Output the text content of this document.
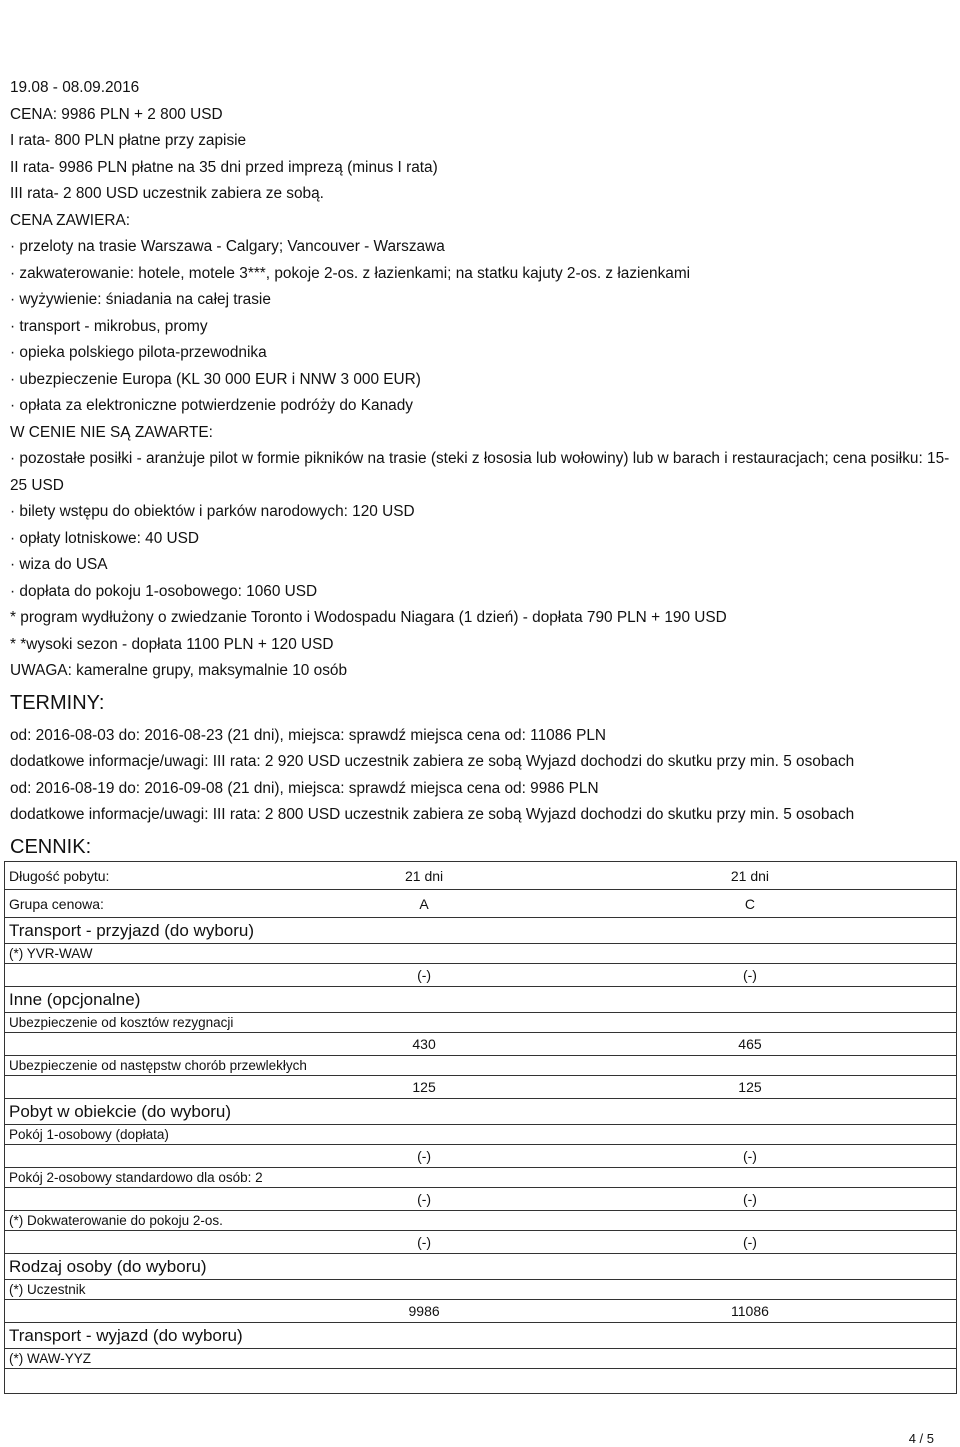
19.08 - 08.09.2016
CENA: 9986 PLN + 2 800 USD
I rata- 800 PLN płatne przy zapisie
II rata- 9986 PLN płatne na 35 dni przed imprezą (minus I rata)
III rata- 2 800 USD uczestnik zabiera ze sobą.
CENA ZAWIERA:
· przeloty na trasie Warszawa - Calgary; Vancouver - Warszawa
· zakwaterowanie: hotele, motele 3***, pokoje 2-os. z łazienkami; na statku kajuty 2-os. z łazienkami
· wyżywienie: śniadania na całej trasie
· transport - mikrobus, promy
· opieka polskiego pilota-przewodnika
· ubezpieczenie Europa (KL 30 000 EUR i NNW 3 000 EUR)
· opłata za elektroniczne potwierdzenie podróży do Kanady
W CENIE NIE SĄ ZAWARTE:
· pozostałe posiłki - aranżuje pilot w formie pikników na trasie (steki z łososia lub wołowiny) lub w barach i restauracjach; cena posiłku: 15-25 USD
· bilety wstępu do obiektów i parków narodowych: 120 USD
· opłaty lotniskowe: 40 USD
· wiza do USA
· dopłata do pokoju 1-osobowego: 1060 USD
* program wydłużony o zwiedzanie Toronto i Wodospadu Niagara (1 dzień) - dopłata 790 PLN + 190 USD
* *wysoki sezon - dopłata 1100 PLN + 120 USD
UWAGA: kameralne grupy, maksymalnie 10 osób
TERMINY:
od: 2016-08-03 do: 2016-08-23 (21 dni), miejsca: sprawdź miejsca cena od: 11086 PLN
dodatkowe informacje/uwagi: III rata: 2 920 USD uczestnik zabiera ze sobą Wyjazd dochodzi do skutku przy min. 5 osobach
od: 2016-08-19 do: 2016-09-08 (21 dni), miejsca: sprawdź miejsca cena od: 9986 PLN
dodatkowe informacje/uwagi: III rata: 2 800 USD uczestnik zabiera ze sobą Wyjazd dochodzi do skutku przy min. 5 osobach
CENNIK:
Długość pobytu:	21 dni	21 dni
Grupa cenowa:	A	C
Transport - przyjazd (do wyboru)		
(*) YVR-WAW		
	(-)	(-)
Inne (opcjonalne)		
Ubezpieczenie od kosztów rezygnacji		
	430	465
Ubezpieczenie od następstw chorób przewlekłych		
	125	125
Pobyt w obiekcie (do wyboru)		
Pokój 1-osobowy (dopłata)		
	(-)	(-)
Pokój 2-osobowy standardowo dla osób: 2		
	(-)	(-)
(*) Dokwaterowanie do pokoju 2-os.		
	(-)	(-)
Rodzaj osoby (do wyboru)		
(*) Uczestnik		
	9986	11086
Transport - wyjazd (do wyboru)		
(*) WAW-YYZ		

4 / 5
